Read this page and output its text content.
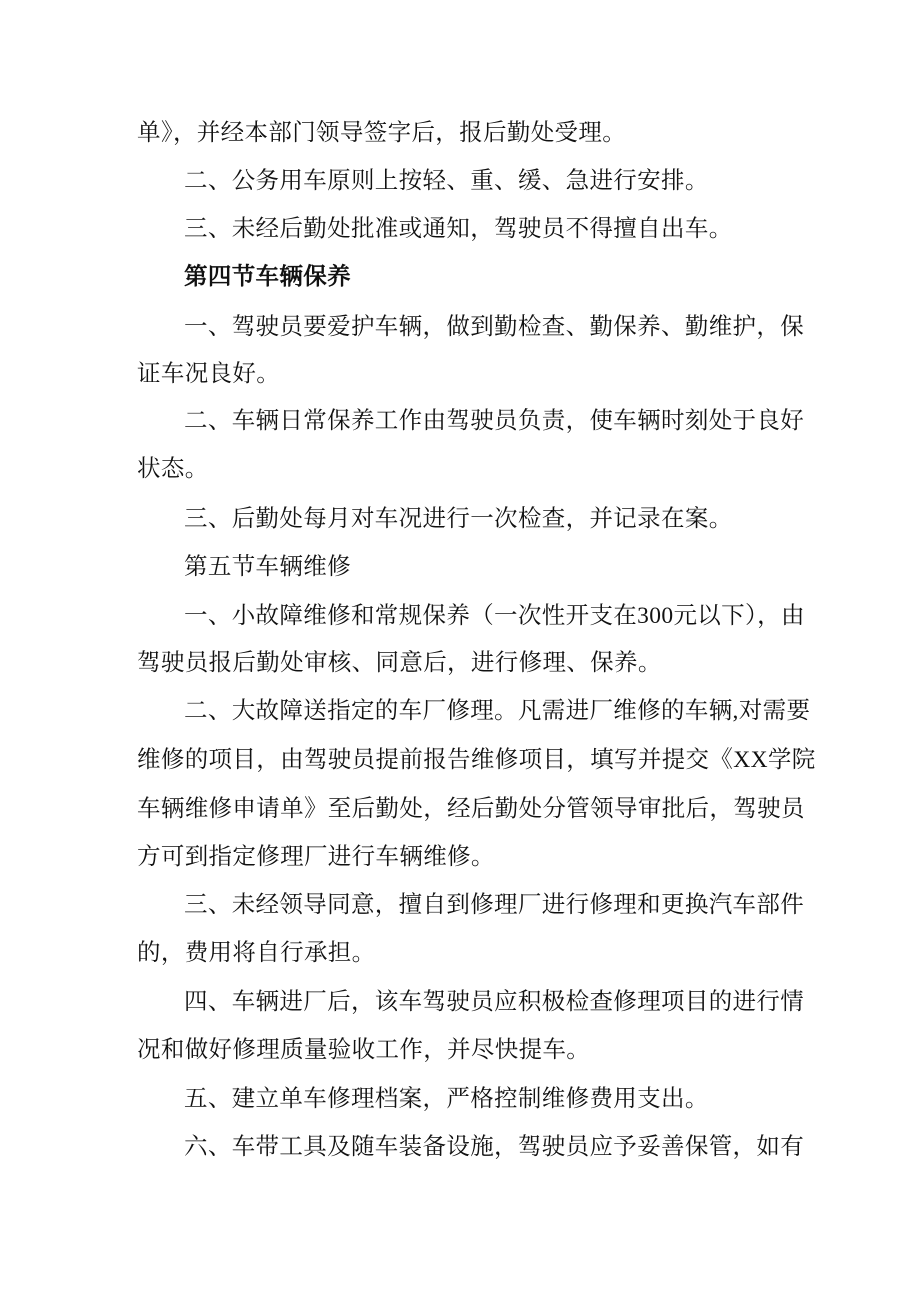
单》，并经本部门领导签字后，报后勤处受理。

二、公务用车原则上按轻、重、缓、急进行安排。

三、未经后勤处批准或通知，驾驶员不得擅自出车。

第四节车辆保养

一、驾驶员要爱护车辆，做到勤检查、勤保养、勤维护，保

证车况良好。

二、车辆日常保养工作由驾驶员负责，使车辆时刻处于良好

状态。

三、后勤处每月对车况进行一次检查，并记录在案。

第五节车辆维修

一、小故障维修和常规保养（一次性开支在300元以下），由

驾驶员报后勤处审核、同意后，进行修理、保养。

二、大故障送指定的车厂修理。凡需进厂维修的车辆,对需要

维修的项目，由驾驶员提前报告维修项目，填写并提交《XX学院

车辆维修申请单》至后勤处，经后勤处分管领导审批后，驾驶员

方可到指定修理厂进行车辆维修。

三、未经领导同意，擅自到修理厂进行修理和更换汽车部件

的，费用将自行承担。

四、车辆进厂后，该车驾驶员应积极检查修理项目的进行情

况和做好修理质量验收工作，并尽快提车。

五、建立单车修理档案，严格控制维修费用支出。

六、车带工具及随车装备设施，驾驶员应予妥善保管，如有
